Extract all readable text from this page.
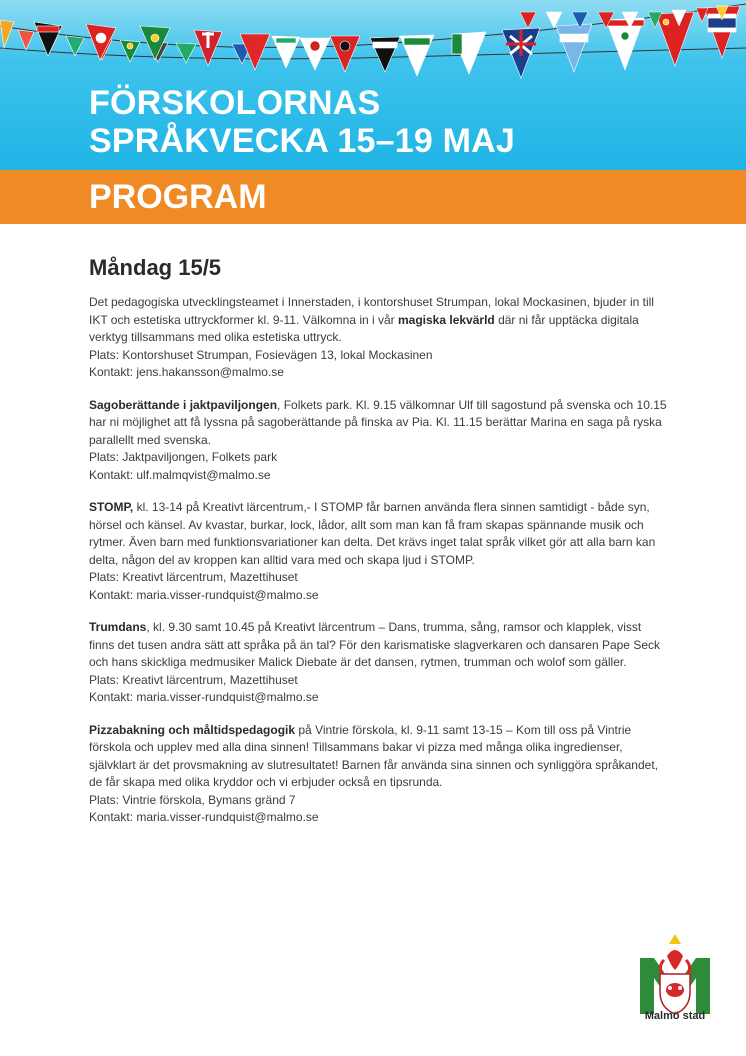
FÖRSKOLORNAS
SPRÅKVECKA 15–19 MAJ
PROGRAM
Måndag 15/5

Det pedagogiska utvecklingsteamet i Innerstaden, i kontorshuset Strumpan, lokal Mockasinen, bjuder in till IKT och estetiska uttryckformer kl. 9-11. Välkomna in i vår magiska lekvärld där ni får upptäcka digitala verktyg tillsammans med olika estetiska uttryck.

Plats: Kontorshuset Strumpan, Fosievägen 13, lokal Mockasinen

Kontakt: jens.hakansson@malmo.se

Sagoberättande i jaktpaviljongen, Folkets park. Kl. 9.15 välkomnar Ulf till sagostund på svenska och 10.15 har ni möjlighet att få lyssna på sagoberättande på finska av Pia. Kl. 11.15 berättar Marina en saga på ryska parallellt med svenska.

Plats: Jaktpaviljongen, Folkets park

Kontakt: ulf.malmqvist@malmo.se

STOMP, kl. 13-14 på Kreativt lärcentrum,- I STOMP får barnen använda flera sinnen samtidigt - både syn, hörsel och känsel. Av kvastar, burkar, lock, lådor, allt som man kan få fram skapas spännande musik och rytmer. Även barn med funktionsvariationer kan delta. Det krävs inget talat språk vilket gör att alla barn kan delta, någon del av kroppen kan alltid vara med och skapa ljud i STOMP.

Plats: Kreativt lärcentrum, Mazettihuset

Kontakt: maria.visser-rundquist@malmo.se

Trumdans, kl. 9.30 samt 10.45 på Kreativt lärcentrum – Dans, trumma, sång, ramsor och klapplek, visst finns det tusen andra sätt att språka på än tal? För den karismatiske slagverkaren och dansaren Pape Seck och hans skickliga medmusiker Malick Diebate är det dansen, rytmen, trumman och wolof som gäller.

Plats: Kreativt lärcentrum, Mazettihuset

Kontakt: maria.visser-rundquist@malmo.se

Pizzabakning och måltidspedagogik på Vintrie förskola, kl. 9-11 samt 13-15 – Kom till oss på Vintrie förskola och upplev med alla dina sinnen! Tillsammans bakar vi pizza med många olika ingredienser, självklart är det provsmakning av slutresultatet! Barnen får använda sina sinnen och synliggöra språkandet, de får skapa med olika kryddor och vi erbjuder också en tipsrunda.

Plats: Vintrie förskola, Bymans gränd 7

Kontakt: maria.visser-rundquist@malmo.se

Malmö stad
